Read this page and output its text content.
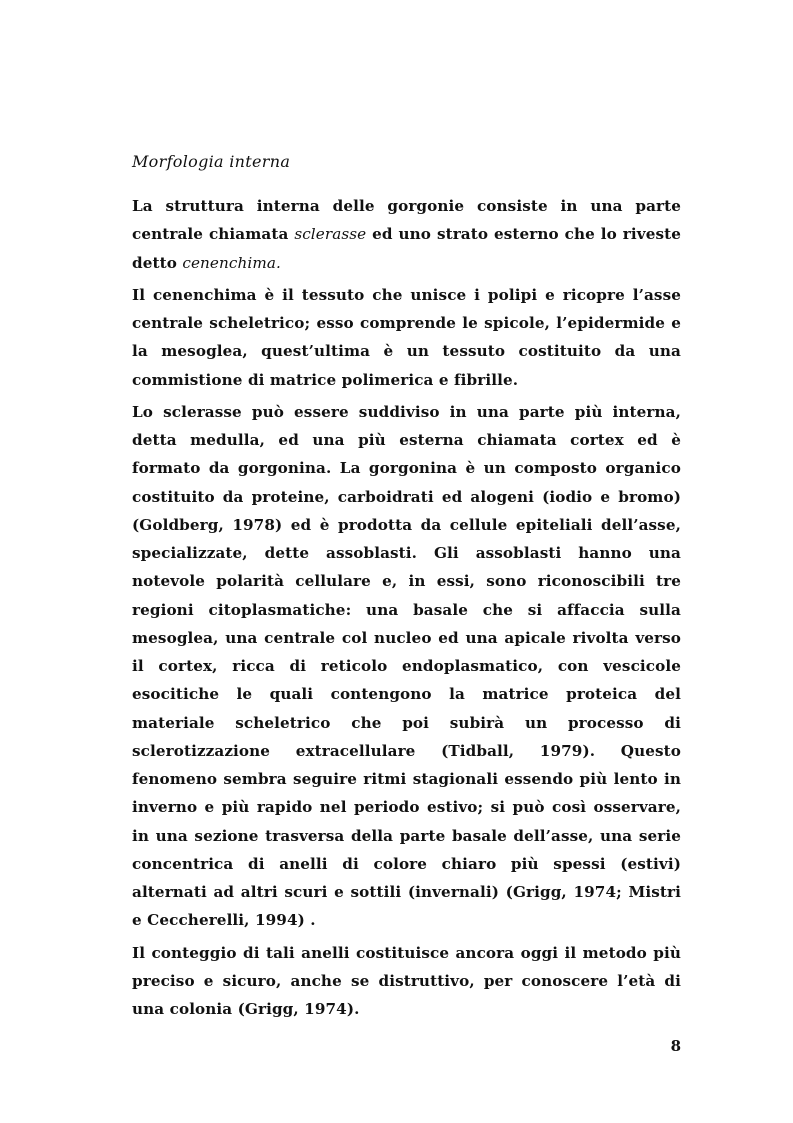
Morfologia interna

La struttura interna delle gorgonie consiste in una parte centrale chiamata sclerasse ed uno strato esterno che lo riveste detto cenenchima.

Il cenenchima è il tessuto che unisce i polipi e ricopre l’asse centrale scheletrico; esso comprende le spicole, l’epidermide e la mesoglea, quest’ultima è un tessuto costituito da una commistione di matrice polimerica e fibrille.

Lo sclerasse può essere suddiviso in una parte più interna, detta medulla, ed una più esterna chiamata cortex ed è formato da gorgonina. La gorgonina è un composto organico costituito da proteine, carboidrati ed alogeni (iodio e bromo) (Goldberg, 1978) ed è prodotta da cellule epiteliali dell’asse, specializzate, dette assoblasti. Gli assoblasti hanno una notevole polarità cellulare e, in essi, sono riconoscibili tre regioni citoplasmatiche: una basale che si affaccia sulla mesoglea, una centrale col nucleo ed una apicale rivolta verso il cortex, ricca di reticolo endoplasmatico, con vescicole esocitiche le quali contengono la matrice proteica del materiale scheletrico che poi subirà un processo di sclerotizzazione extracellulare (Tidball, 1979). Questo fenomeno sembra seguire ritmi stagionali essendo più lento in inverno e più rapido nel periodo estivo; si può così osservare, in una sezione trasversa della parte basale dell’asse, una serie concentrica di anelli di colore chiaro più spessi (estivi) alternati ad altri scuri e sottili (invernali) (Grigg, 1974; Mistri e Ceccherelli, 1994) .

Il conteggio di tali anelli costituisce ancora oggi il metodo più preciso e sicuro, anche se distruttivo, per conoscere l’età di una colonia (Grigg, 1974).

8
